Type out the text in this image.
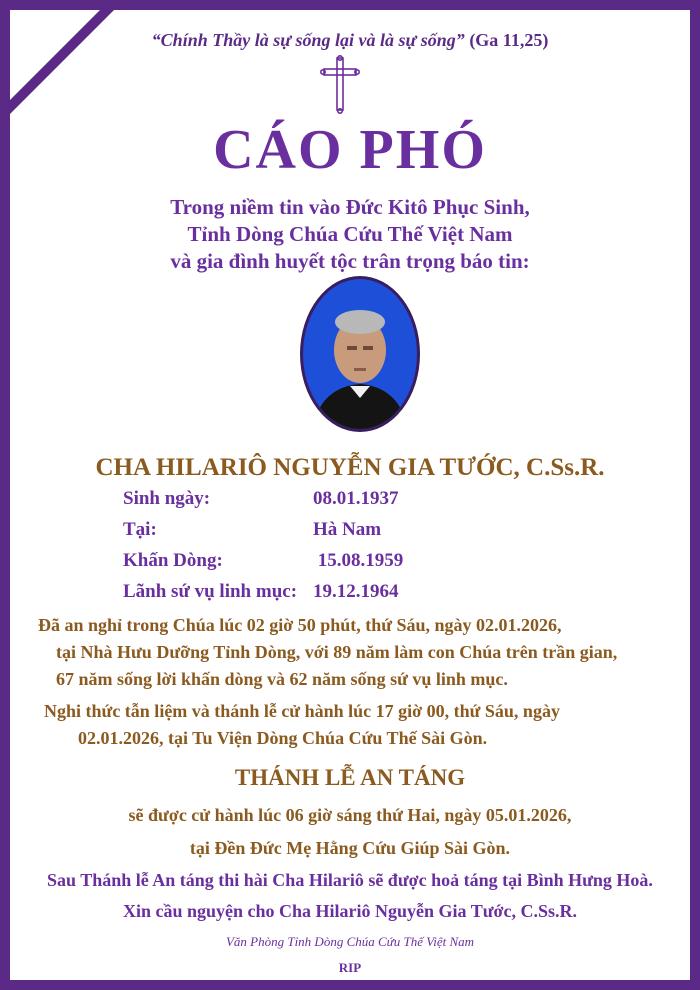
“Chính Thầy là sự sống lại và là sự sống” (Ga 11,25)
CÁO PHÓ
Trong niềm tin vào Đức Kitô Phục Sinh,
Tỉnh Dòng Chúa Cứu Thế Việt Nam
và gia đình huyết tộc trân trọng báo tin:
CHA HILARIÔ NGUYỄN GIA TƯỚC, C.Ss.R.
Sinh ngày:	08.01.1937
Tại:	Hà Nam
Khấn Dòng:	15.08.1959
Lãnh sứ vụ linh mục: 19.12.1964
Đã an nghỉ trong Chúa lúc 02 giờ 50 phút, thứ Sáu, ngày 02.01.2026,
tại Nhà Hưu Dưỡng Tỉnh Dòng, với 89 năm làm con Chúa trên trần gian,
67 năm sống lời khấn dòng và 62 năm sống sứ vụ linh mục.
Nghi thức tẫn liệm và thánh lễ cử hành lúc 17 giờ 00, thứ Sáu, ngày
02.01.2026, tại Tu Viện Dòng Chúa Cứu Thế Sài Gòn.
THÁNH LỄ AN TÁNG
sẽ được cử hành lúc 06 giờ sáng thứ Hai, ngày 05.01.2026,
tại Đền Đức Mẹ Hằng Cứu Giúp Sài Gòn.
Sau Thánh lễ An táng thi hài Cha Hilariô sẽ được hoả táng tại Bình Hưng Hoà.
Xin cầu nguyện cho Cha Hilariô Nguyễn Gia Tước, C.Ss.R.
Văn Phòng Tỉnh Dòng Chúa Cứu Thế Việt Nam
RIP
